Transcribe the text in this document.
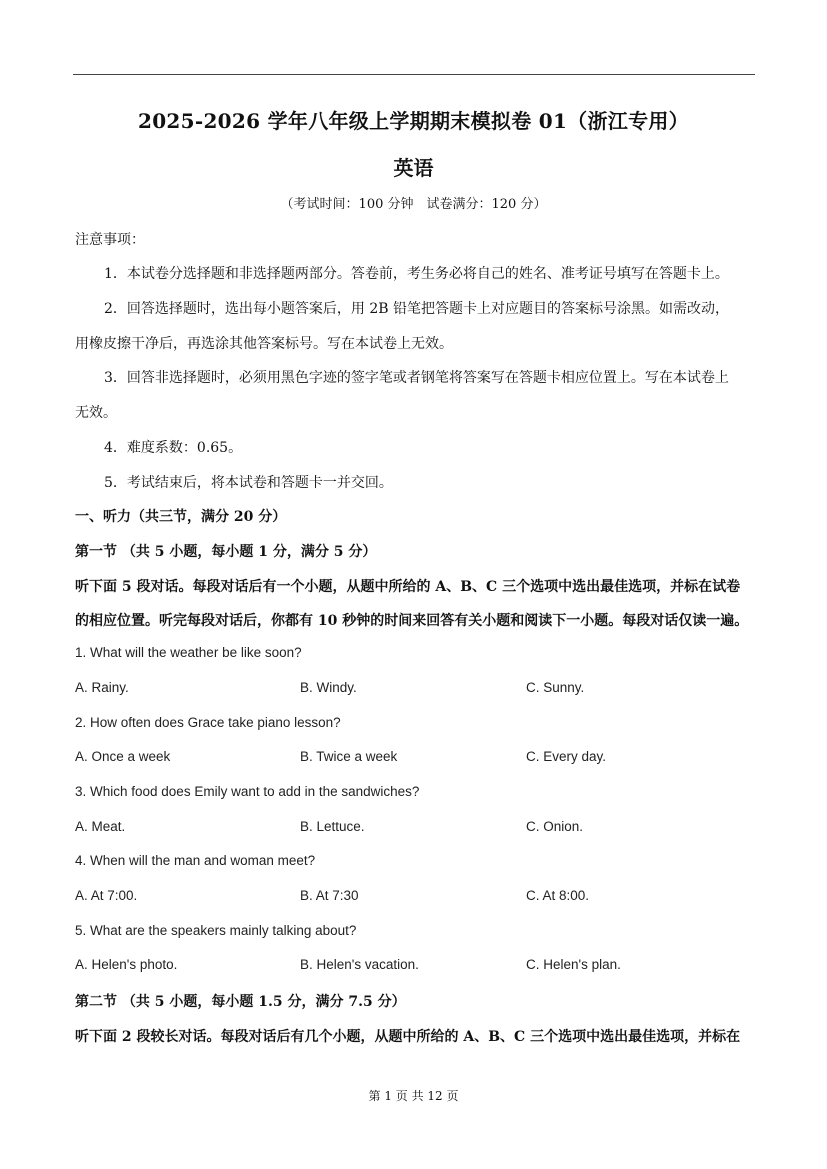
2025-2026 学年八年级上学期期末模拟卷 01（浙江专用）
英语
（考试时间：100 分钟　试卷满分：120 分）
注意事项：
1．本试卷分选择题和非选择题两部分。答卷前，考生务必将自己的姓名、准考证号填写在答题卡上。
2．回答选择题时，选出每小题答案后，用 2B 铅笔把答题卡上对应题目的答案标号涂黑。如需改动，
用橡皮擦干净后，再选涂其他答案标号。写在本试卷上无效。
3．回答非选择题时，必须用黑色字迹的签字笔或者钢笔将答案写在答题卡相应位置上。写在本试卷上
无效。
4．难度系数：0.65。
5．考试结束后，将本试卷和答题卡一并交回。
一、听力（共三节，满分 20 分）
第一节 （共 5 小题，每小题 1 分，满分 5 分）
听下面 5 段对话。每段对话后有一个小题，从题中所给的 A、B、C 三个选项中选出最佳选项，并标在试卷
的相应位置。听完每段对话后，你都有 10 秒钟的时间来回答有关小题和阅读下一小题。每段对话仅读一遍。
1. What will the weather be like soon?
A. Rainy.	B. Windy.	C. Sunny.
2. How often does Grace take piano lesson?
A. Once a week	B. Twice a week	C. Every day.
3. Which food does Emily want to add in the sandwiches?
A. Meat.	B. Lettuce.	C. Onion.
4. When will the man and woman meet?
A. At 7:00.	B. At 7:30	C. At 8:00.
5. What are the speakers mainly talking about?
A. Helen's photo.	B. Helen's vacation.	C. Helen's plan.
第二节 （共 5 小题，每小题 1.5 分，满分 7.5 分）
听下面 2 段较长对话。每段对话后有几个小题，从题中所给的 A、B、C 三个选项中选出最佳选项，并标在
第 1 页 共 12 页
